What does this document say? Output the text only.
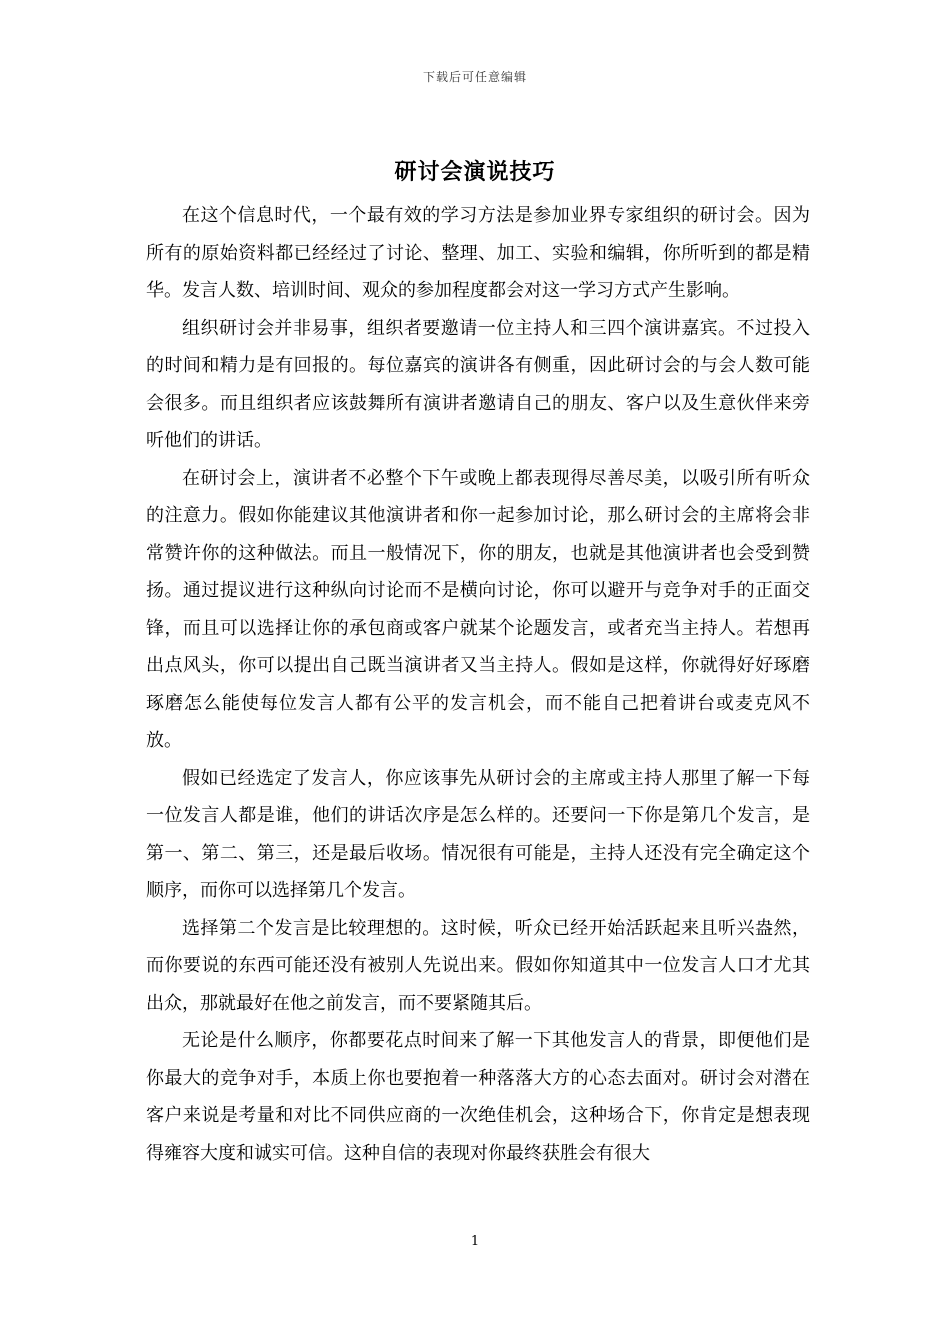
下载后可任意编辑
研讨会演说技巧

在这个信息时代，一个最有效的学习方法是参加业界专家组织的研讨会。因为所有的原始资料都已经经过了讨论、整理、加工、实验和编辑，你所听到的都是精华。发言人数、培训时间、观众的参加程度都会对这一学习方式产生影响。

组织研讨会并非易事，组织者要邀请一位主持人和三四个演讲嘉宾。不过投入的时间和精力是有回报的。每位嘉宾的演讲各有侧重，因此研讨会的与会人数可能会很多。而且组织者应该鼓舞所有演讲者邀请自己的朋友、客户以及生意伙伴来旁听他们的讲话。

在研讨会上，演讲者不必整个下午或晚上都表现得尽善尽美，以吸引所有听众的注意力。假如你能建议其他演讲者和你一起参加讨论，那么研讨会的主席将会非常赞许你的这种做法。而且一般情况下，你的朋友，也就是其他演讲者也会受到赞扬。通过提议进行这种纵向讨论而不是横向讨论，你可以避开与竞争对手的正面交锋，而且可以选择让你的承包商或客户就某个论题发言，或者充当主持人。若想再出点风头，你可以提出自己既当演讲者又当主持人。假如是这样，你就得好好琢磨琢磨怎么能使每位发言人都有公平的发言机会，而不能自己把着讲台或麦克风不放。

假如已经选定了发言人，你应该事先从研讨会的主席或主持人那里了解一下每一位发言人都是谁，他们的讲话次序是怎么样的。还要问一下你是第几个发言，是第一、第二、第三，还是最后收场。情况很有可能是，主持人还没有完全确定这个顺序，而你可以选择第几个发言。

选择第二个发言是比较理想的。这时候，听众已经开始活跃起来且听兴盎然，而你要说的东西可能还没有被别人先说出来。假如你知道其中一位发言人口才尤其出众，那就最好在他之前发言，而不要紧随其后。

无论是什么顺序，你都要花点时间来了解一下其他发言人的背景，即便他们是你最大的竞争对手，本质上你也要抱着一种落落大方的心态去面对。研讨会对潜在客户来说是考量和对比不同供应商的一次绝佳机会，这种场合下，你肯定是想表现得雍容大度和诚实可信。这种自信的表现对你最终获胜会有很大

1
